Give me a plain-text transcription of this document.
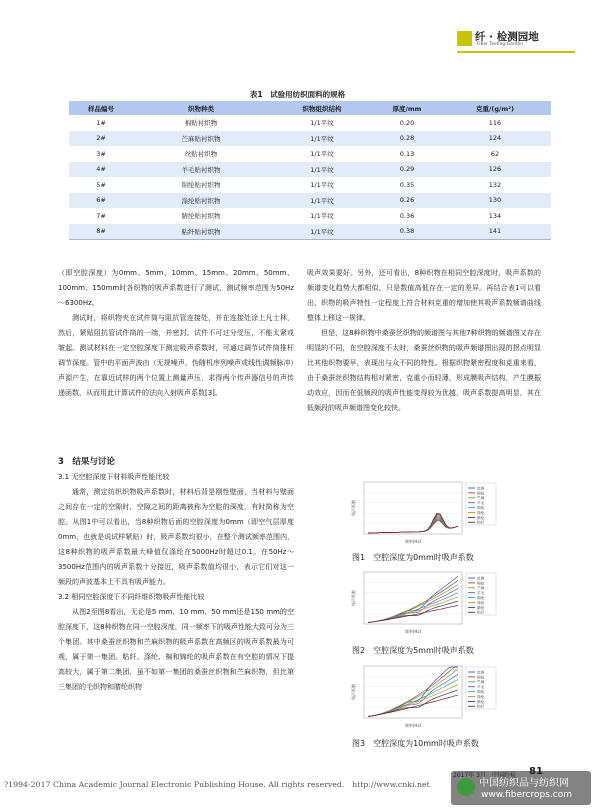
纤 · 检测园地
Fiber Testing Garden
表1　试验用纺织面料的规格
样品编号	织物种类	织物组织结构	厚度/mm	克重/(g/m²)
1#	棉贴衬织物	1/1平纹	0.20	116
2#	苎麻贴衬织物	1/1平纹	0.28	124
3#	丝贴衬织物	1/1平纹	0.13	62
4#	羊毛贴衬织物	1/1平纹	0.29	126
5#	锦纶贴衬织物	1/1平纹	0.35	132
6#	涤纶贴衬织物	1/1平纹	0.26	130
7#	腈纶贴衬织物	1/1平纹	0.36	134
8#	粘纤贴衬织物	1/1平纹	0.38	141

（即空腔深度）为0mm、5mm、10mm、15mm、20mm、50mm、100mm、150mm时各织物的吸声系数进行了测试，测试频率范围为50Hz～6300Hz。

测试时，将织物夹在试件筒与阻抗管连接处，并在连接处涂上凡士林，然后，紧贴阻抗管试件筒的一端，并密封。试件不可过分受压，不能太紧或皱起。测试材料在一定空腔深度下测定吸声系数时，可通过调节试件筒推杆调节深度。管中的平面声波由（无规噪声，伪随机序列噪声或线性调频脉冲）声源产生，在靠近试样的两个位置上测量声压，求得两个传声器信号的声传递函数，从而用此计算试件的法向入射吸声系数[3]。

3　结果与讨论

3.1 无空腔深度下材料吸声性能比较

通常，测定纺织织物吸声系数时，材料后背是刚性壁面，当材料与壁面之间存在一定的空隙时，空隙之间的距离被称为空腔的深度，有时简称为空腔。从图1中可以看出，当8种织物后面的空腔深度为0mm（即空气层厚度0mm，也就是说试样紧贴）时，吸声系数均很小，在整个测试频率范围内，这8种织物的吸声系数最大峰值仅涤纶在5000Hz时超过0.1。在50Hz～3500Hz范围内的吸声系数十分接近，吸声系数值均很小，表示它们对这一频段的声波基本上不具有吸声能力。

3.2 相同空腔深度下不同纤维织物吸声性能比较

从图2至图8看出，无论是5 mm、10 mm、50 mm还是150 mm的空腔深度下，这8种织物在同一空腔深度，同一频率下的吸声性能大致可分为三个集团。其中桑蚕丝织物和苎麻织物的吸声系数在高频区的吸声系数最为可观，属于第一集团。粘纤、涤纶、棉和锦纶的吸声系数在有空腔的情况下提高较大，属于第二集团，虽不如第一集团的桑蚕丝织物和苎麻织物，但比第三集团的毛织物和腈纶织物

吸声效果要好。另外，还可看出，8种织物在相同空腔深度时，吸声系数的频谱变化趋势大都相似，只是数值高低存在一定的差异。再结合表1可以看出，织物的吸声特性一定程度上符合材料克重的增加使其吸声系数频谱曲线整体上移这一规律。

但是，这8种织物中桑蚕丝织物的频谱图与其他7种织物的频谱图又存在明显的不同，在空腔深度不太时，桑蚕丝织物的吸声频谱图出现的拐点明显比其他织物要早，表现出与众不同的特性。根据织物紧密程度和克重来看，由于桑蚕丝织物结构相对紧密，克重小而轻薄，形成膜吸声结构，产生膜振动效应，因而在低频段的吸声性能变得较为优越，吸声系数提高明显，其在低频段的吸声频谱图变化较快。

频率(Hz)
吸声系数
丝绸
棉贴
苎麻
羊毛
锦纶
涤纶
腈纶
粘纤
图1　空腔深度为0mm时吸声系数
频率(Hz)
吸声系数
丝绸
棉贴
苎麻
羊毛
锦纶
涤纶
腈纶
粘纤
图2　空腔深度为5mm时吸声系数
频率(Hz)
吸声系数
丝绸
棉贴
苎麻
羊毛
锦纶
涤纶
腈纶
粘纤
图3　空腔深度为10mm时吸声系数
?1994-2017 China Academic Journal Electronic Publishing House. All rights reserved.　http://www.cnki.net	中国纺织品与纺织网
www.fibercrops.com
